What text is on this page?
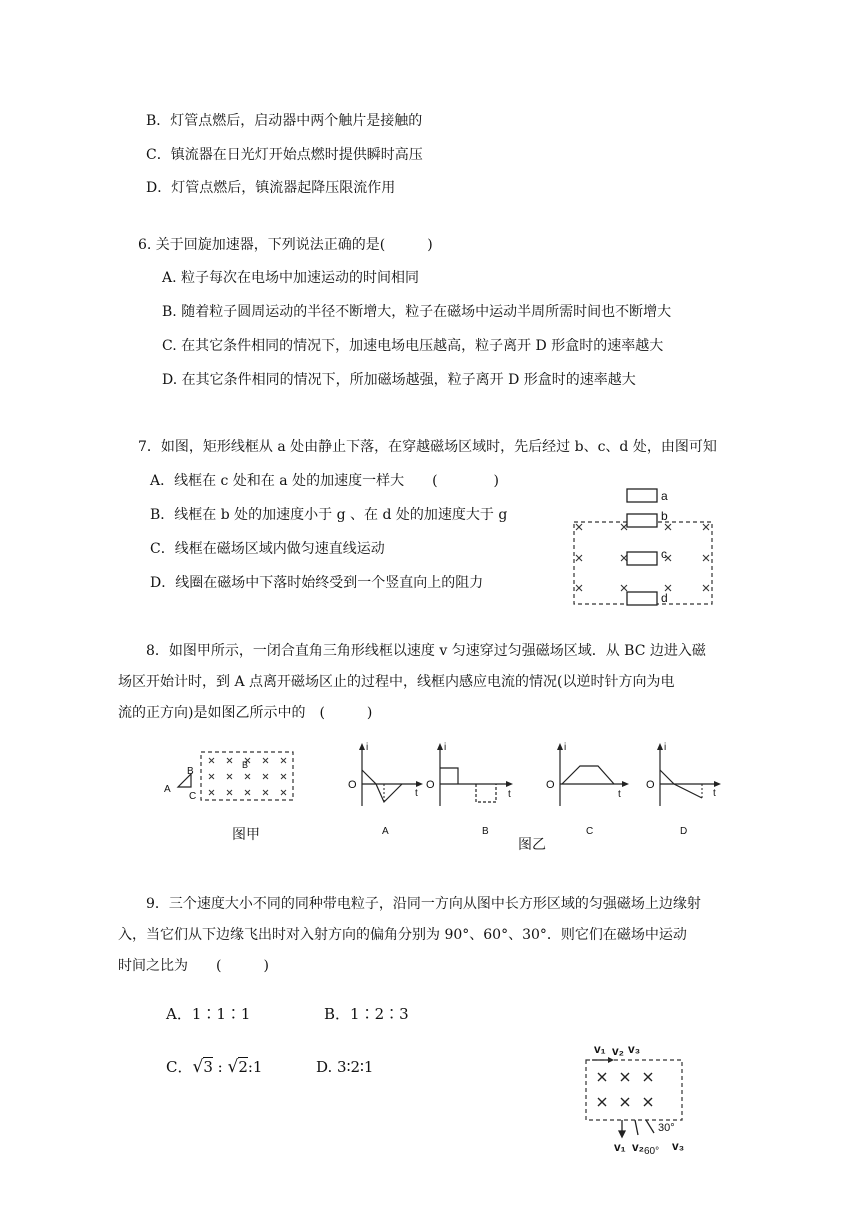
B．灯管点燃后，启动器中两个触片是接触的
C．镇流器在日光灯开始点燃时提供瞬时高压
D．灯管点燃后，镇流器起降压限流作用
6. 关于回旋加速器，下列说法正确的是(　　　)
A. 粒子每次在电场中加速运动的时间相同
B. 随着粒子圆周运动的半径不断增大，粒子在磁场中运动半周所需时间也不断增大
C. 在其它条件相同的情况下，加速电场电压越高，粒子离开 D 形盒时的速率越大
D. 在其它条件相同的情况下，所加磁场越强，粒子离开 D 形盒时的速率越大
7．如图，矩形线框从 a 处由静止下落，在穿越磁场区域时，先后经过 b、c、d 处，由图可知
A．线框在 c 处和在 a 处的加速度一样大　　(　　　　)
B．线框在 b 处的加速度小于 g 、在 d 处的加速度大于 g
C．线框在磁场区域内做匀速直线运动
D．线圈在磁场中下落时始终受到一个竖直向上的阻力
a
b
c
d
8．如图甲所示，一闭合直角三角形线框以速度 v 匀速穿过匀强磁场区域．从 BC 边进入磁
场区开始计时，到 A 点离开磁场区止的过程中，线框内感应电流的情况(以逆时针方向为电
流的正方向)是如图乙所示中的　(　　　)
A
B
C
B
图甲
i
O
t
i
O
t
i
O
t
i
O
t
A	B
图乙
C	D
9．三个速度大小不同的同种带电粒子，沿同一方向从图中长方形区域的匀强磁场上边缘射
入，当它们从下边缘飞出时对入射方向的偏角分别为 90°、60°、30°．则它们在磁场中运动
时间之比为　　(　　　)
A．1∶1∶1	B．1∶2∶3
C．√3 : √2:1	D. 3∶2∶1
v₁ v₂ v₃
30°
v₁ v₂ 60° v₃
